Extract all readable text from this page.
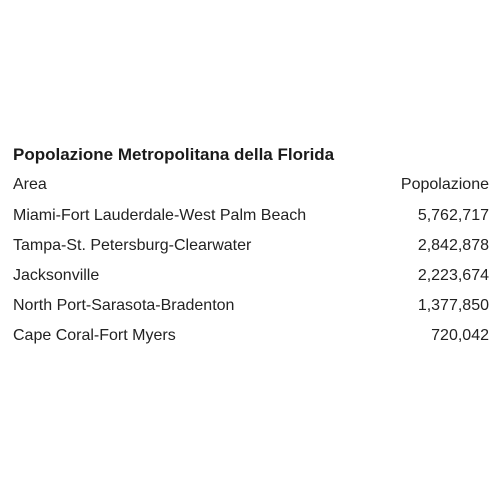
Popolazione Metropolitana della Florida
Area	Popolazione
Miami-Fort Lauderdale-West Palm Beach	5,762,717
Tampa-St. Petersburg-Clearwater	2,842,878
Jacksonville	2,223,674
North Port-Sarasota-Bradenton	1,377,850
Cape Coral-Fort Myers	720,042
